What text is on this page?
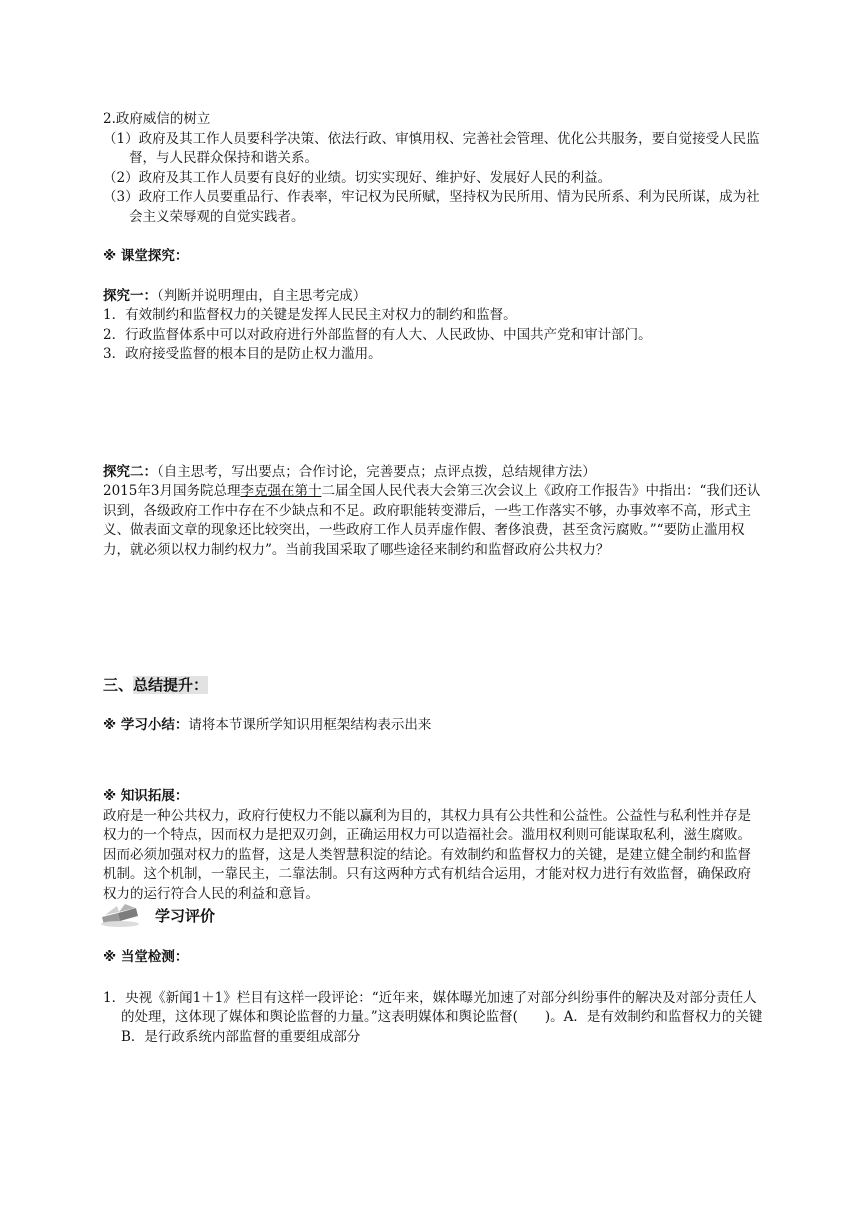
2.政府威信的树立

（1）政府及其工作人员要科学决策、依法行政、审慎用权、完善社会管理、优化公共服务，要自觉接受人民监督，与人民群众保持和谐关系。

（2）政府及其工作人员要有良好的业绩。切实实现好、维护好、发展好人民的利益。

（3）政府工作人员要重品行、作表率，牢记权为民所赋，坚持权为民所用、情为民所系、利为民所谋，成为社会主义荣辱观的自觉实践者。

※ 课堂探究：

探究一：（判断并说明理由，自主思考完成）

1．有效制约和监督权力的关键是发挥人民民主对权力的制约和监督。

2．行政监督体系中可以对政府进行外部监督的有人大、人民政协、中国共产党和审计部门。

3．政府接受监督的根本目的是防止权力滥用。

探究二：（自主思考，写出要点；合作讨论，完善要点；点评点拨，总结规律方法）

2015年3月国务院总理李克强在第十二届全国人民代表大会第三次会议上《政府工作报告》中指出：“我们还认识到，各级政府工作中存在不少缺点和不足。政府职能转变滞后，一些工作落实不够，办事效率不高，形式主义、做表面文章的现象还比较突出，一些政府工作人员弄虚作假、奢侈浪费，甚至贪污腐败。”“要防止滥用权力，就必须以权力制约权力”。当前我国采取了哪些途径来制约和监督政府公共权力？

三、总结提升：

※ 学习小结：请将本节课所学知识用框架结构表示出来

※ 知识拓展：

政府是一种公共权力，政府行使权力不能以赢利为目的，其权力具有公共性和公益性。公益性与私利性并存是权力的一个特点，因而权力是把双刃剑，正确运用权力可以造福社会。滥用权利则可能谋取私利，滋生腐败。因而必须加强对权力的监督，这是人类智慧积淀的结论。有效制约和监督权力的关键，是建立健全制约和监督机制。这个机制，一靠民主，二靠法制。只有这两种方式有机结合运用，才能对权力进行有效监督，确保政府权力的运行符合人民的利益和意旨。

学习评价

※ 当堂检测：

1．央视《新闻1＋1》栏目有这样一段评论：“近年来，媒体曝光加速了对部分纠纷事件的解决及对部分责任人的处理，这体现了媒体和舆论监督的力量。”这表明媒体和舆论监督(　　)。A．是有效制约和监督权力的关键　　　B．是行政系统内部监督的重要组成部分
